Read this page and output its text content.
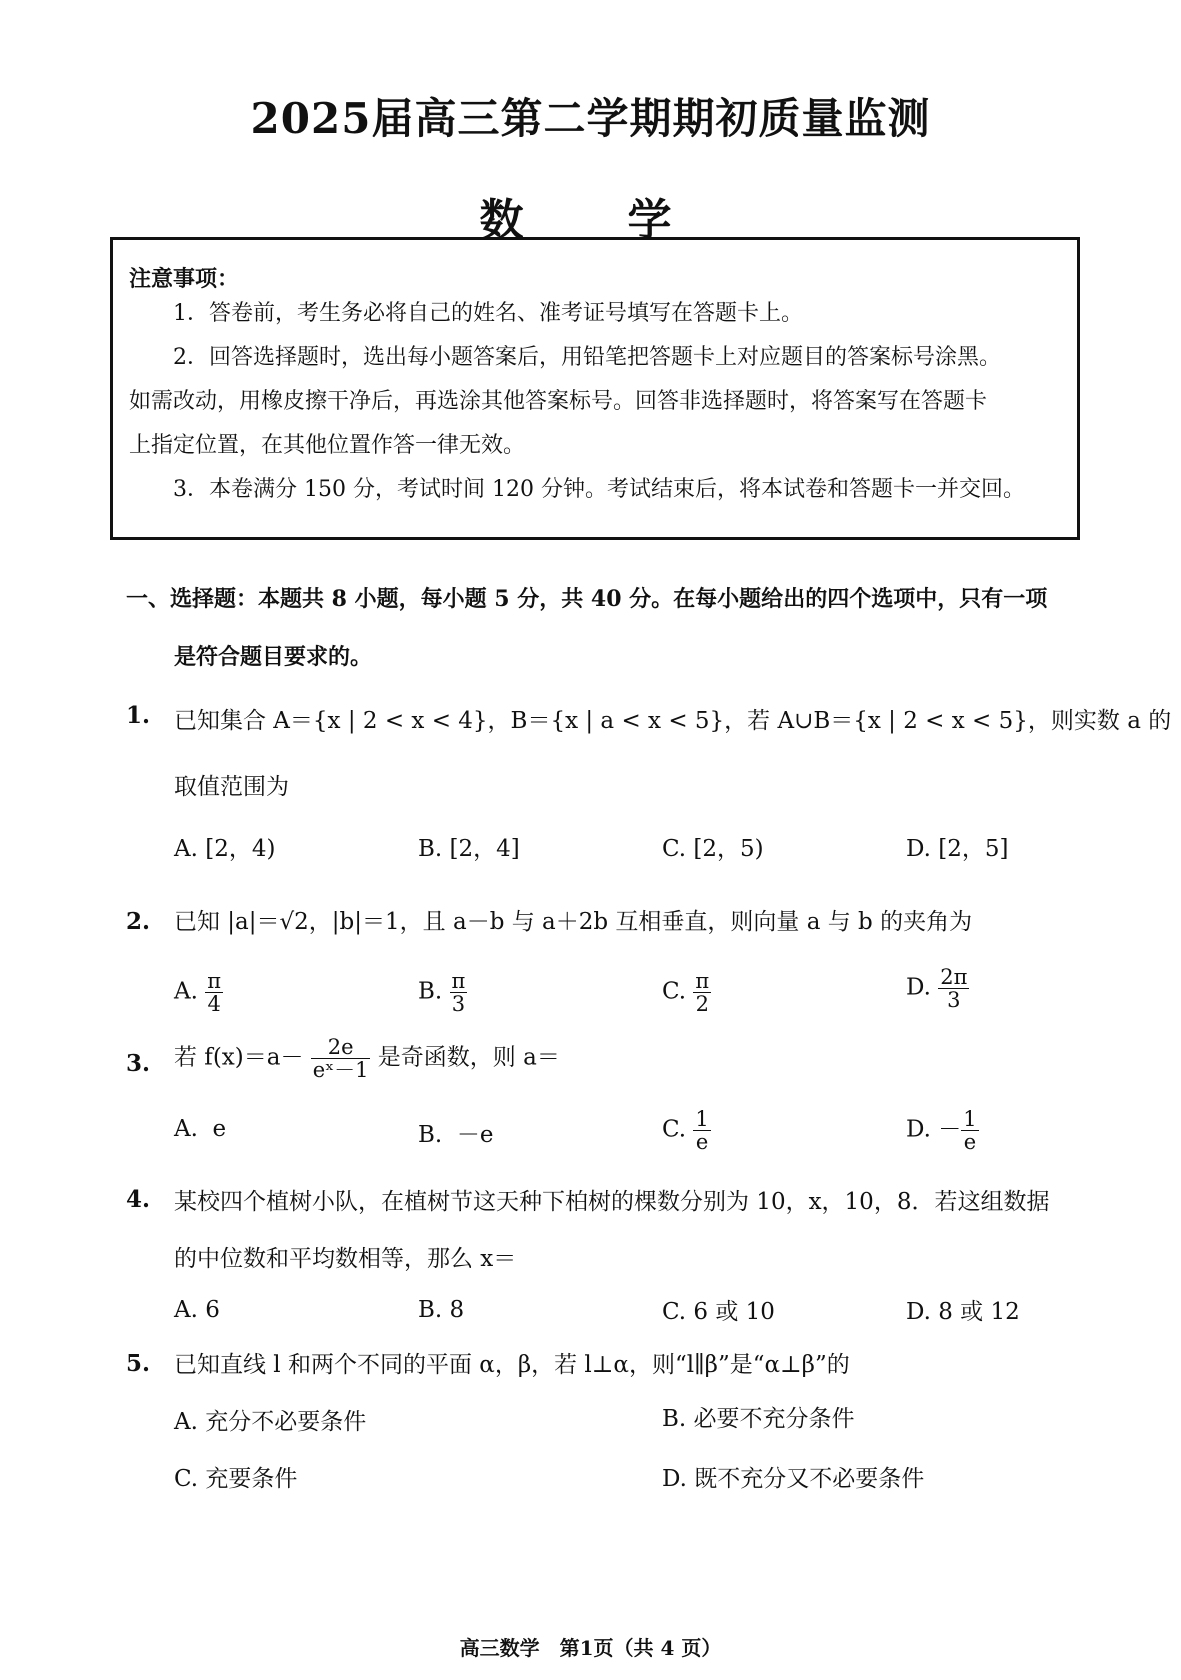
2025届高三第二学期期初质量监测
数　学
注意事项：
1．答卷前，考生务必将自己的姓名、准考证号填写在答题卡上。
2．回答选择题时，选出每小题答案后，用铅笔把答题卡上对应题目的答案标号涂黑。
如需改动，用橡皮擦干净后，再选涂其他答案标号。回答非选择题时，将答案写在答题卡
上指定位置，在其他位置作答一律无效。
3．本卷满分 150 分，考试时间 120 分钟。考试结束后，将本试卷和答题卡一并交回。
一、选择题：本题共 8 小题，每小题 5 分，共 40 分。在每小题给出的四个选项中，只有一项
是符合题目要求的。
1. 已知集合 A＝{x | 2 < x < 4}，B＝{x | a < x < 5}，若 A∪B＝{x | 2 < x < 5}，则实数 a 的
取值范围为
A. [2，4)	B. [2，4]	C. [2，5)	D. [2，5]
2. 已知 |a|＝√2，|b|＝1，且 a－b 与 a＋2b 互相垂直，则向量 a 与 b 的夹角为
A. $\frac{\pi}{4}$	B. $\frac{\pi}{3}$	C. $\frac{\pi}{2}$	D. $\frac{2\pi}{3}$
3. 若 $f(x)=a- \frac{2e}{\text{eˣ－1}}$ 是奇函数，则 a＝
A. e	B. －e	C. $\frac{1}{e}$	D. － $\frac{1}{e}$
4. 某校四个植树小队，在植树节这天种下柏树的棵数分别为 10，x，10，8．若这组数据
的中位数和平均数相等，那么 x＝
A. 6	B. 8	C. 6 或 10	D. 8 或 12
5. 已知直线 l 和两个不同的平面 α，β，若 l⊥α，则“l∥β”是“α⊥β”的
A. 充分不必要条件	B. 必要不充分条件
C. 充要条件	D. 既不充分又不必要条件
高三数学　第1页（共 4 页）
